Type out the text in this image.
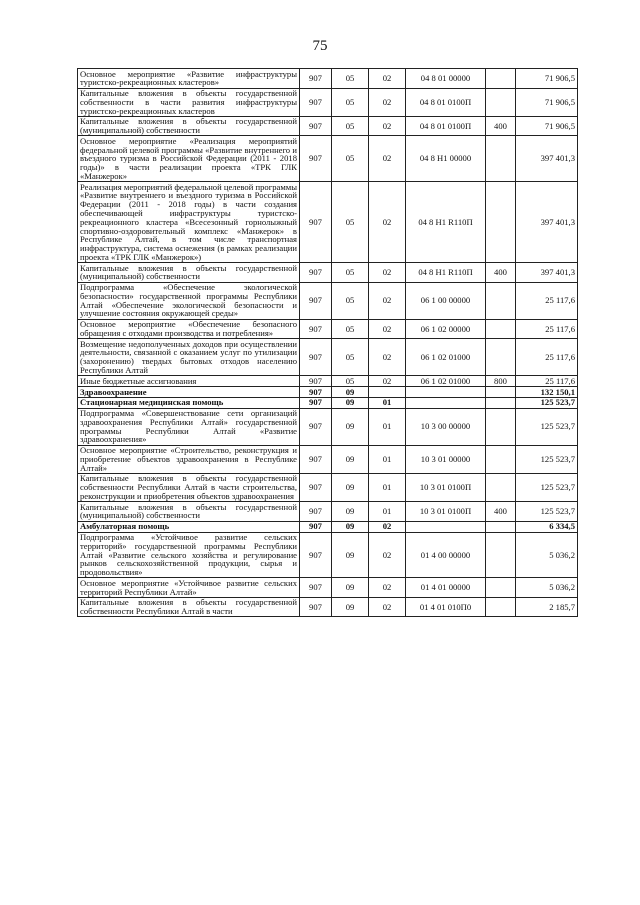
75
Основное мероприятие «Развитие инфраструктуры туристско-рекреационных кластеров»	907	05	02	04 8 01 00000		71 906,5
Капитальные вложения в объекты государственной собственности в части развития инфраструктуры туристско-рекреационных кластеров	907	05	02	04 8 01 0100П		71 906,5
Капитальные вложения в объекты государственной (муниципальной) собственности	907	05	02	04 8 01 0100П	400	71 906,5
Основное мероприятие «Реализация мероприятий федеральной целевой программы «Развитие внутреннего и въездного туризма в Российской Федерации (2011 - 2018 годы)» в части реализации проекта «ТРК ГЛК «Манжерок»	907	05	02	04 8 Н1 00000		397 401,3
Реализация мероприятий федеральной целевой программы «Развитие внутреннего и въездного туризма в Российской Федерации (2011 - 2018 годы) в части создания обеспечивающей инфраструктуры туристско-рекреационного кластера «Всесезонный горнолыжный спортивно-оздоровительный комплекс «Манжерок» в Республике Алтай, в том числе транспортная инфраструктура, система оснежения (в рамках реализации проекта «ТРК ГЛК «Манжерок»)	907	05	02	04 8 Н1 R110П		397 401,3
Капитальные вложения в объекты государственной (муниципальной) собственности	907	05	02	04 8 Н1 R110П	400	397 401,3
Подпрограмма «Обеспечение экологической безопасности» государственной программы Республики Алтай «Обеспечение экологической безопасности и улучшение состояния окружающей среды»	907	05	02	06 1 00 00000		25 117,6
Основное мероприятие «Обеспечение безопасного обращения с отходами производства и потребления»	907	05	02	06 1 02 00000		25 117,6
Возмещение недополученных доходов при осуществлении деятельности, связанной с оказанием услуг по утилизации (захоронению) твердых бытовых отходов населению Республики Алтай	907	05	02	06 1 02 01000		25 117,6
Иные бюджетные ассигнования	907	05	02	06 1 02 01000	800	25 117,6
Здравоохранение	907	09				132 150,1
Стационарная медицинская помощь	907	09	01			125 523,7
Подпрограмма «Совершенствование сети организаций здравоохранения Республики Алтай» государственной программы Республики Алтай «Развитие здравоохранения»	907	09	01	10 3 00 00000		125 523,7
Основное мероприятие «Строительство, реконструкция и приобретение объектов здравоохранения в Республике Алтай»	907	09	01	10 3 01 00000		125 523,7
Капитальные вложения в объекты государственной собственности Республики Алтай в части строительства, реконструкции и приобретения объектов здравоохранения	907	09	01	10 3 01 0100П		125 523,7
Капитальные вложения в объекты государственной (муниципальной) собственности	907	09	01	10 3 01 0100П	400	125 523,7
Амбулаторная помощь	907	09	02			6 334,5
Подпрограмма «Устойчивое развитие сельских территорий» государственной программы Республики Алтай «Развитие сельского хозяйства и регулирование рынков сельскохозяйственной продукции, сырья и продовольствия»	907	09	02	01 4 00 00000		5 036,2
Основное мероприятие «Устойчивое развитие сельских территорий Республики Алтай»	907	09	02	01 4 01 00000		5 036,2
Капитальные вложения в объекты государственной собственности Республики Алтай в части	907	09	02	01 4 01 010П0		2 185,7
